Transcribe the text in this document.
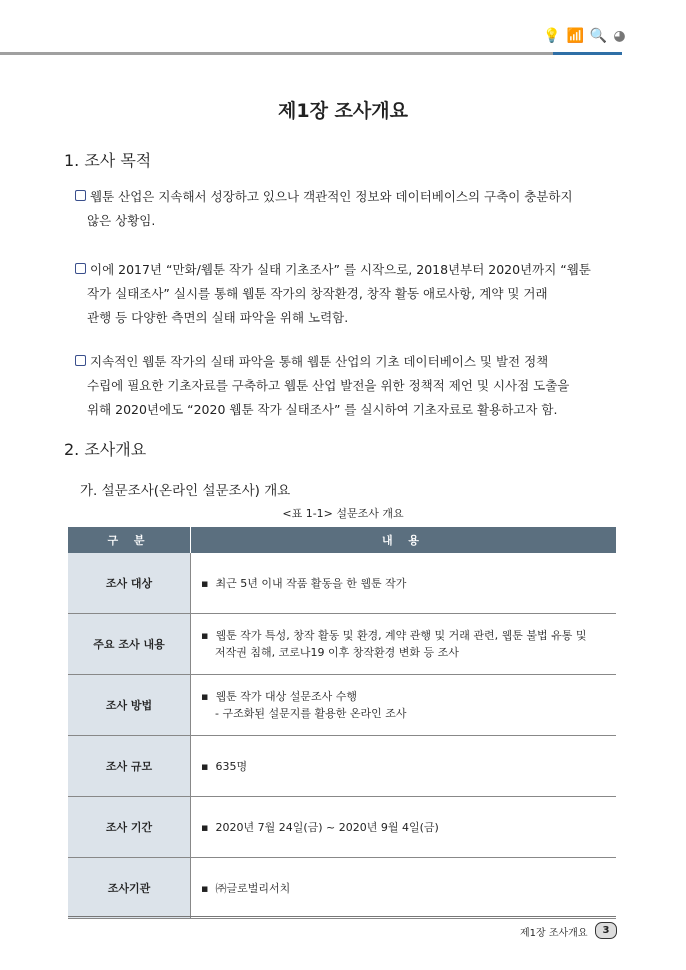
💡 📶 🔍 ◕
제1장 조사개요
1. 조사 목적
웹툰 산업은 지속해서 성장하고 있으나 객관적인 정보와 데이터베이스의 구축이 충분하지
않은 상황임.
이에 2017년 “만화/웹툰 작가 실태 기초조사” 를 시작으로, 2018년부터 2020년까지 “웹툰
작가 실태조사” 실시를 통해 웹툰 작가의 창작환경, 창작 활동 애로사항, 계약 및 거래
관행 등 다양한 측면의 실태 파악을 위해 노력함.
지속적인 웹툰 작가의 실태 파악을 통해 웹툰 산업의 기초 데이터베이스 및 발전 정책
수립에 필요한 기초자료를 구축하고 웹툰 산업 발전을 위한 정책적 제언 및 시사점 도출을
위해 2020년에도 “2020 웹툰 작가 실태조사” 를 실시하여 기초자료로 활용하고자 함.
2. 조사개요
가. 설문조사(온라인 설문조사) 개요
<표 1-1> 설문조사 개요
구 분	내 용
조사 대상	▪  최근 5년 이내 작품 활동을 한 웹툰 작가

주요 조사 내용	▪  웹툰 작가 특성, 창작 활동 및 환경, 계약 관행 및 거래 관련, 웹툰 불법 유통 및
저작권 침해, 코로나19 이후 창작환경 변화 등 조사

조사 방법	▪  웹툰 작가 대상 설문조사 수행
- 구조화된 설문지를 활용한 온라인 조사

조사 규모	▪  635명

조사 기간	▪  2020년 7월 24일(금) ~ 2020년 9월 4일(금)

조사기관	▪  ㈜글로벌리서치
제1장 조사개요	3
